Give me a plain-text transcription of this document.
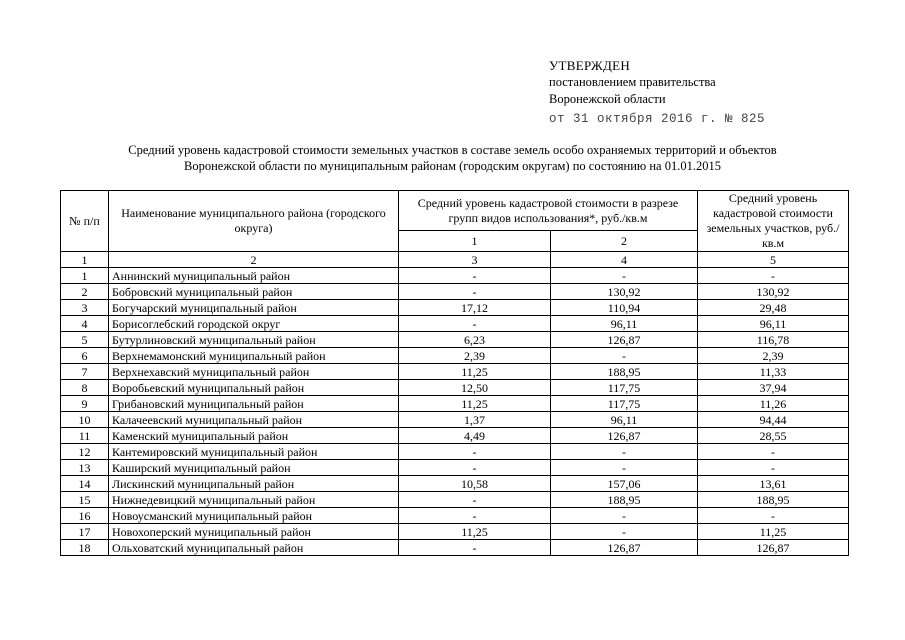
УТВЕРЖДЕН
постановлением правительства
Воронежской области
от 31 октября 2016 г. № 825
Средний уровень кадастровой стоимости земельных участков в составе земель особо охраняемых территорий и объектов
Воронежской области по муниципальным районам (городским округам) по состоянию на 01.01.2015
№ п/п	Наименование муниципального района (городского округа)	Средний уровень кадастровой стоимости в разрезе групп видов использования*, руб./кв.м		Средний уровень кадастровой стоимости земельных участков, руб./кв.м
		1	2	
1	2	3	4	5
1	Аннинский муниципальный район	-	-	-
2	Бобровский муниципальный район	-	130,92	130,92
3	Богучарский муниципальный район	17,12	110,94	29,48
4	Борисоглебский городской округ	-	96,11	96,11
5	Бутурлиновский муниципальный район	6,23	126,87	116,78
6	Верхнемамонский муниципальный район	2,39	-	2,39
7	Верхнехавский муниципальный район	11,25	188,95	11,33
8	Воробьевский муниципальный район	12,50	117,75	37,94
9	Грибановский муниципальный район	11,25	117,75	11,26
10	Калачеевский муниципальный район	1,37	96,11	94,44
11	Каменский муниципальный район	4,49	126,87	28,55
12	Кантемировский муниципальный район	-	-	-
13	Каширский муниципальный район	-	-	-
14	Лискинский муниципальный район	10,58	157,06	13,61
15	Нижнедевицкий муниципальный район	-	188,95	188,95
16	Новоусманский муниципальный район	-	-	-
17	Новохоперский муниципальный район	11,25	-	11,25
18	Ольховатский муниципальный район	-	126,87	126,87
